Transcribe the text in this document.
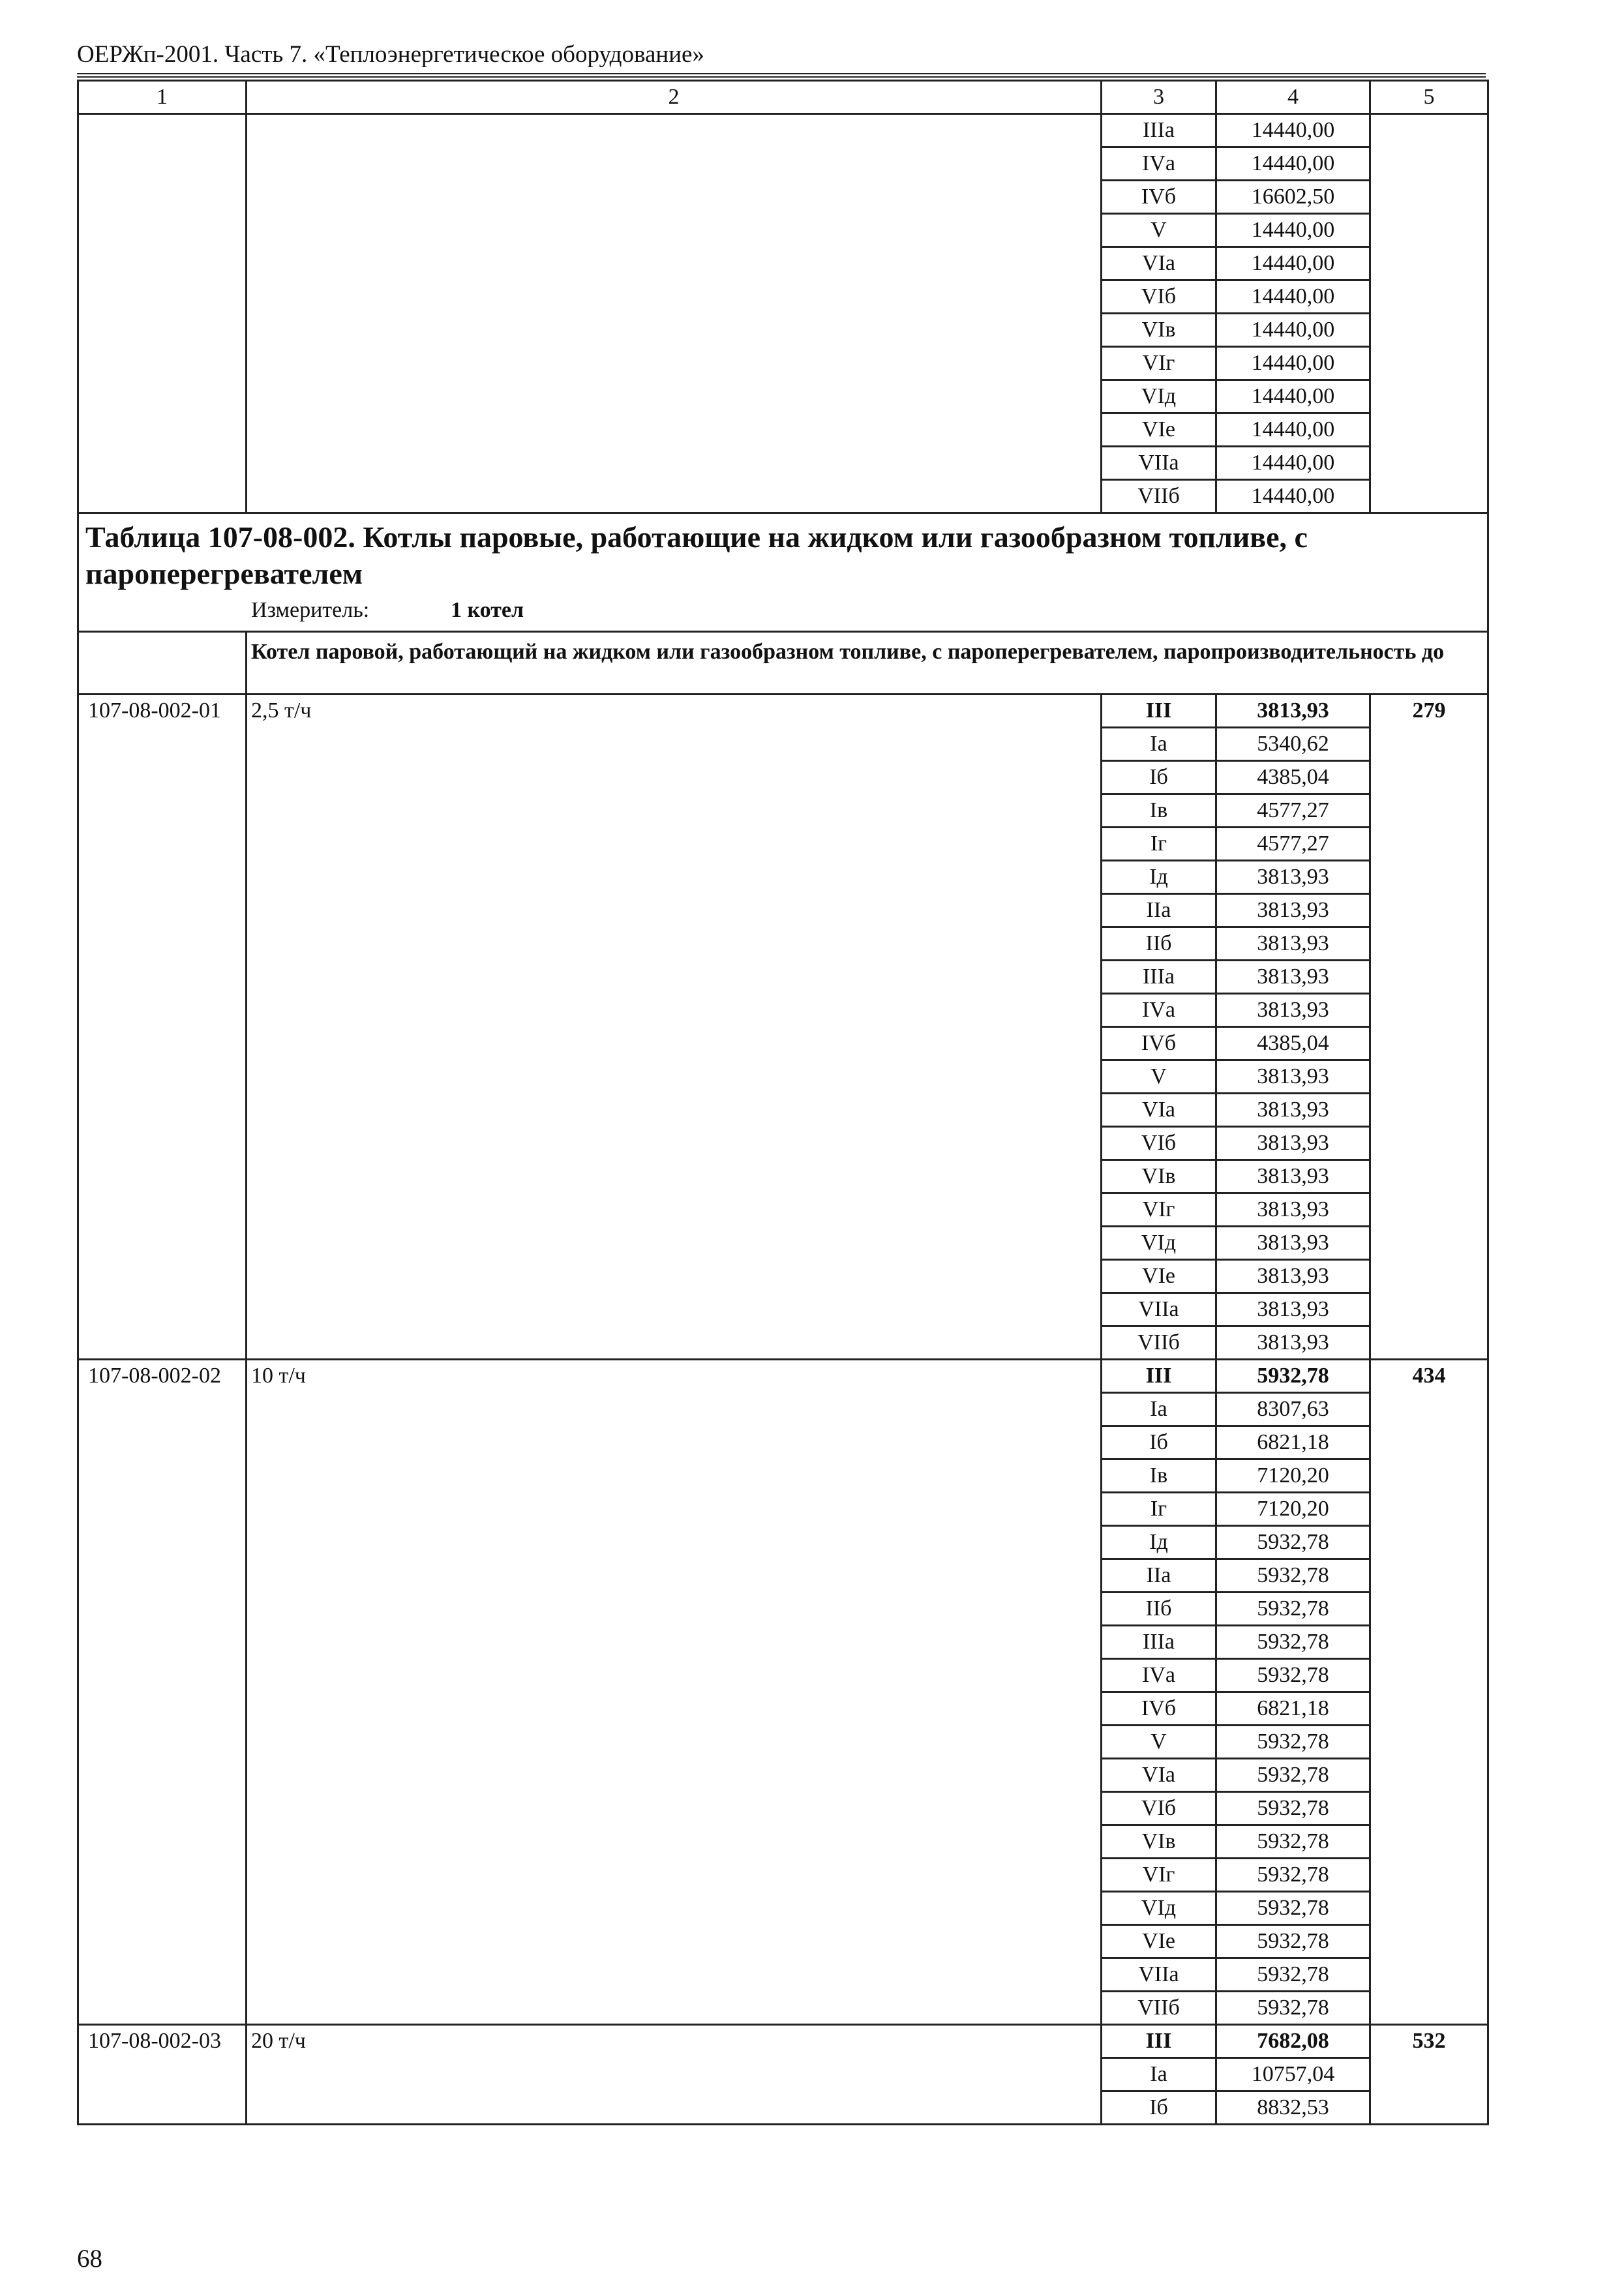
ОЕРЖп-2001. Часть 7. «Теплоэнергетическое оборудование»
1	2	3	4	5
		IIIа	14440,00	
		IVа	14440,00	
		IVб	16602,50	
		V	14440,00	
		VIа	14440,00	
		VIб	14440,00	
		VIв	14440,00	
		VIг	14440,00	
		VIд	14440,00	
		VIе	14440,00	
		VIIа	14440,00	
		VIIб	14440,00	

Таблица 107-08-002. Котлы паровые, работающие на жидком или газообразном топливе, с пароперегревателем
Измеритель: 1 котел				

	Котел паровой, работающий на жидком или газообразном топливе, с пароперегревателем, паропроизводительность до			
107-08-002-01	2,5 т/ч	III	3813,93	279
		Iа	5340,62	
		Iб	4385,04	
		Iв	4577,27	
		Iг	4577,27	
		Iд	3813,93	
		IIа	3813,93	
		IIб	3813,93	
		IIIа	3813,93	
		IVа	3813,93	
		IVб	4385,04	
		V	3813,93	
		VIа	3813,93	
		VIб	3813,93	
		VIв	3813,93	
		VIг	3813,93	
		VIд	3813,93	
		VIе	3813,93	
		VIIа	3813,93	
		VIIб	3813,93	
107-08-002-02	10 т/ч	III	5932,78	434
		Iа	8307,63	
		Iб	6821,18	
		Iв	7120,20	
		Iг	7120,20	
		Iд	5932,78	
		IIа	5932,78	
		IIб	5932,78	
		IIIа	5932,78	
		IVа	5932,78	
		IVб	6821,18	
		V	5932,78	
		VIа	5932,78	
		VIб	5932,78	
		VIв	5932,78	
		VIг	5932,78	
		VIд	5932,78	
		VIе	5932,78	
		VIIа	5932,78	
		VIIб	5932,78	
107-08-002-03	20 т/ч	III	7682,08	532
		Iа	10757,04	
		Iб	8832,53	
68
